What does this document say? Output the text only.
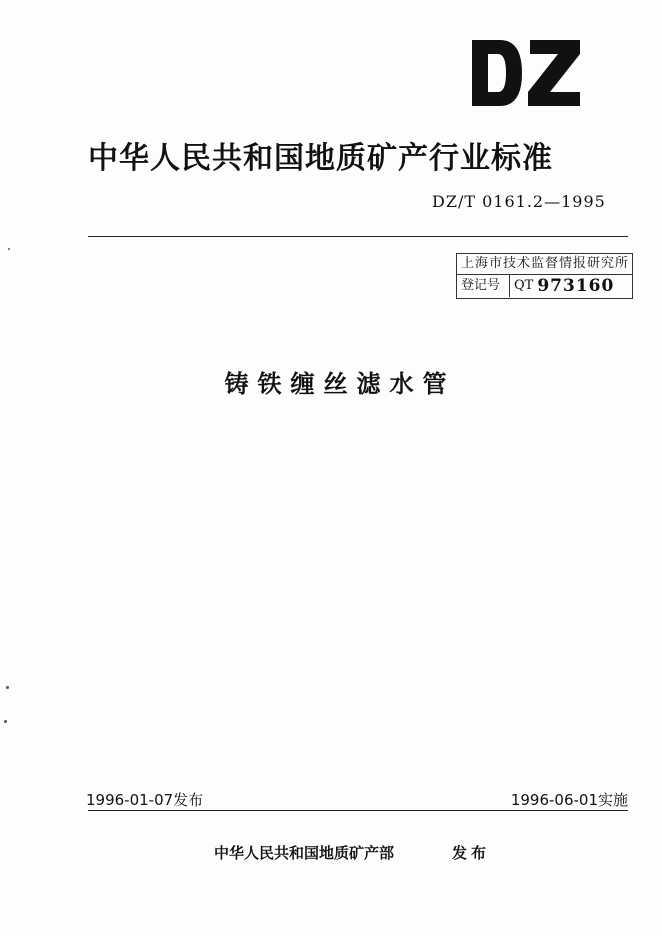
中华人民共和国地质矿产行业标准
DZ/T 0161.2—1995
上海市技术监督情报研究所
登记号	QT 973160
铸铁缠丝滤水管
1996-01-07发布	1996-06-01实施
中华人民共和国地质矿产部	发布
